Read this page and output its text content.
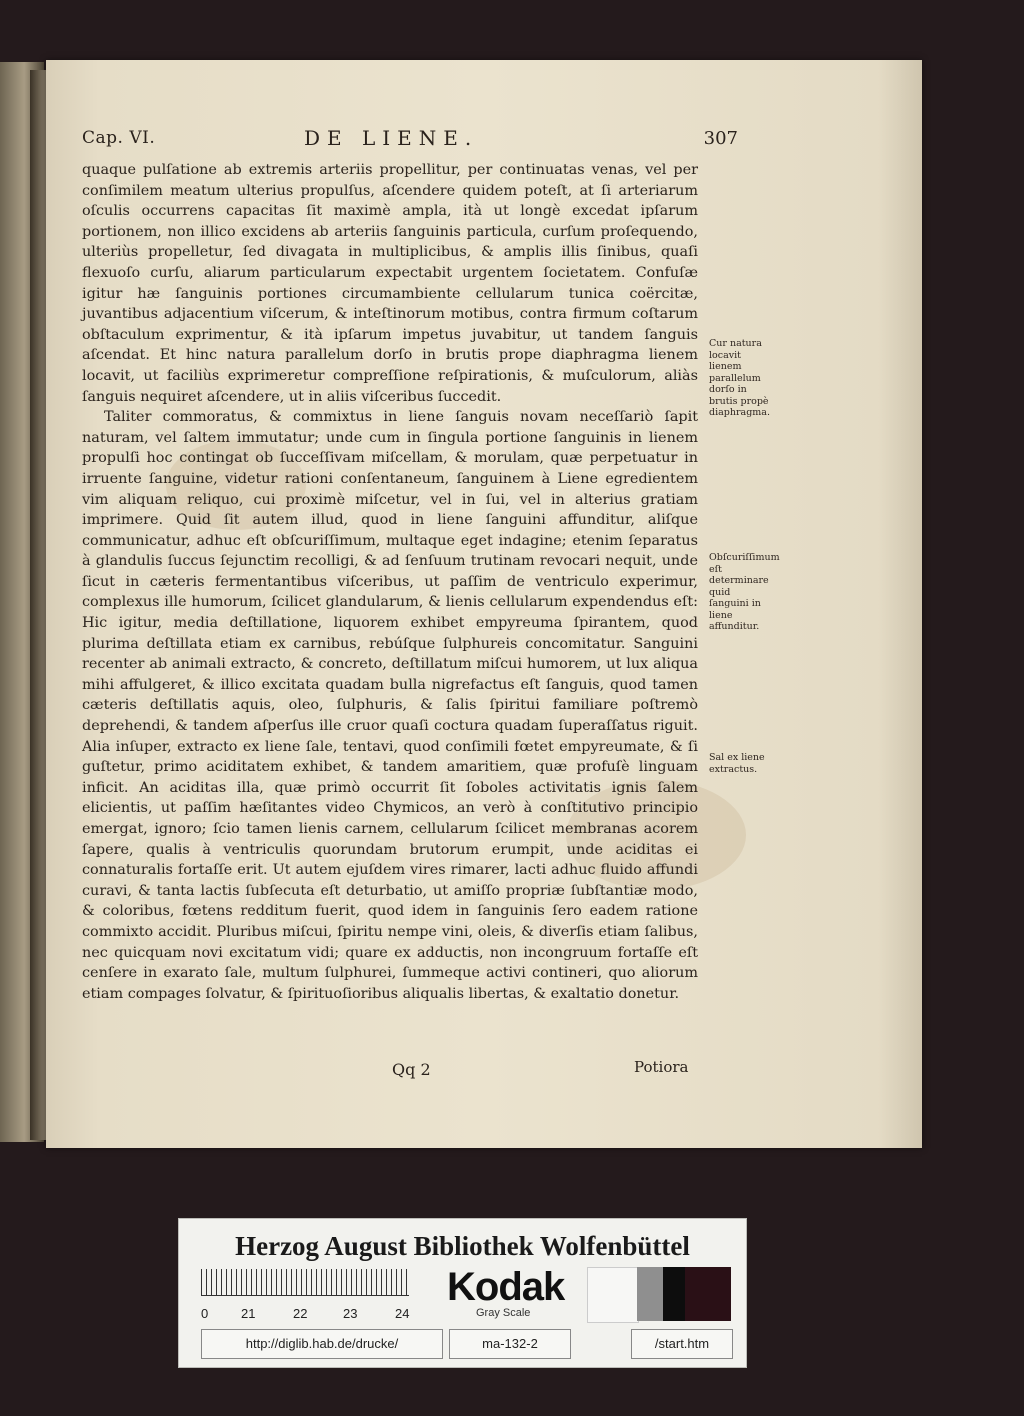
Cap. VI.	DE LIENE.	307

quaque pulſatione ab extremis arteriis propellitur, per continuatas venas, vel per conſimilem meatum ulterius propulſus, aſcendere quidem poteſt, at ſi arteriarum oſculis occurrens capacitas ſit maximè ampla, ità ut longè excedat ipſarum portionem, non illico excidens ab arteriis ſanguinis particula, curſum proſequendo, ulteriùs propelletur, ſed divagata in multiplicibus, & amplis illis ſinibus, quaſi flexuoſo curſu, aliarum particularum expectabit urgentem ſocietatem. Confuſæ igitur hæ ſanguinis portiones circumambiente cellularum tunica coërcitæ, juvantibus adjacentium viſcerum, & inteſtinorum motibus, contra firmum coſtarum obſtaculum exprimentur, & ità ipſarum impetus juvabitur, ut tandem ſanguis aſcendat. Et hinc natura parallelum dorſo in brutis prope diaphragma lienem locavit, ut faciliùs exprimeretur compreſſione reſpirationis, & muſculorum, aliàs ſanguis nequiret aſcendere, ut in aliis viſceribus ſuccedit.

Taliter commoratus, & commixtus in liene ſanguis novam neceſſariò ſapit naturam, vel ſaltem immutatur; unde cum in ſingula portione ſanguinis in lienem propulſi hoc contingat ob ſucceſſivam miſcellam, & morulam, quæ perpetuatur in irruente ſanguine, videtur rationi conſentaneum, ſanguinem à Liene egredientem vim aliquam reliquo, cui proximè miſcetur, vel in ſui, vel in alterius gratiam imprimere. Quid ſit autem illud, quod in liene ſanguini affunditur, aliſque communicatur, adhuc eſt obſcuriſſimum, multaque eget indagine; etenim ſeparatus à glandulis ſuccus ſejunctim recolligi, & ad ſenſuum trutinam revocari nequit, unde ſicut in cæteris fermentantibus viſceribus, ut paſſim de ventriculo experimur, complexus ille humorum, ſcilicet glandularum, & lienis cellularum expendendus eſt: Hic igitur, media deſtillatione, liquorem exhibet empyreuma ſpirantem, quod plurima deſtillata etiam ex carnibus, rebúſque ſulphureis concomitatur. Sanguini recenter ab animali extracto, & concreto, deſtillatum miſcui humorem, ut lux aliqua mihi affulgeret, & illico excitata quadam bulla nigrefactus eſt ſanguis, quod tamen cæteris deſtillatis aquis, oleo, ſulphuris, & ſalis ſpiritui familiare poſtremò deprehendi, & tandem aſperſus ille cruor quaſi coctura quadam ſuperaſſatus riguit. Alia inſuper, extracto ex liene ſale, tentavi, quod conſimili fœtet empyreumate, & ſi guſtetur, primo aciditatem exhibet, & tandem amaritiem, quæ profuſè linguam inficit. An aciditas illa, quæ primò occurrit ſit ſoboles activitatis ignis ſalem elicientis, ut paſſim hæſitantes video Chymicos, an verò à conſtitutivo principio emergat, ignoro; ſcio tamen lienis carnem, cellularum ſcilicet membranas acorem ſapere, qualis à ventriculis quorundam brutorum erumpit, unde aciditas ei connaturalis fortaſſe erit. Ut autem ejuſdem vires rimarer, lacti adhuc fluido affundi curavi, & tanta lactis ſubſecuta eſt deturbatio, ut amiſſo propriæ ſubſtantiæ modo, & coloribus, fœtens redditum fuerit, quod idem in ſanguinis ſero eadem ratione commixto accidit. Pluribus miſcui, ſpiritu nempe vini, oleis, & diverſis etiam ſalibus, nec quicquam novi excitatum vidi; quare ex adductis, non incongruum fortaſſe eſt cenſere in exarato ſale, multum ſulphurei, ſummeque activi contineri, quo aliorum etiam compages ſolvatur, & ſpirituoſioribus aliqualis libertas, & exaltatio donetur.

Cur natura locavit lienem parallelum dorſo in brutis propè diaphragma.
Obſcuriſſimum eſt determinare quid ſanguini in liene affunditur.
Sal ex liene extractus.
Qq 2	Potiora
Herzog August Bibliothek Wolfenbüttel
0	21	22	23	24
Kodak
Gray Scale
http://diglib.hab.de/drucke/	ma-132-2	/start.htm
